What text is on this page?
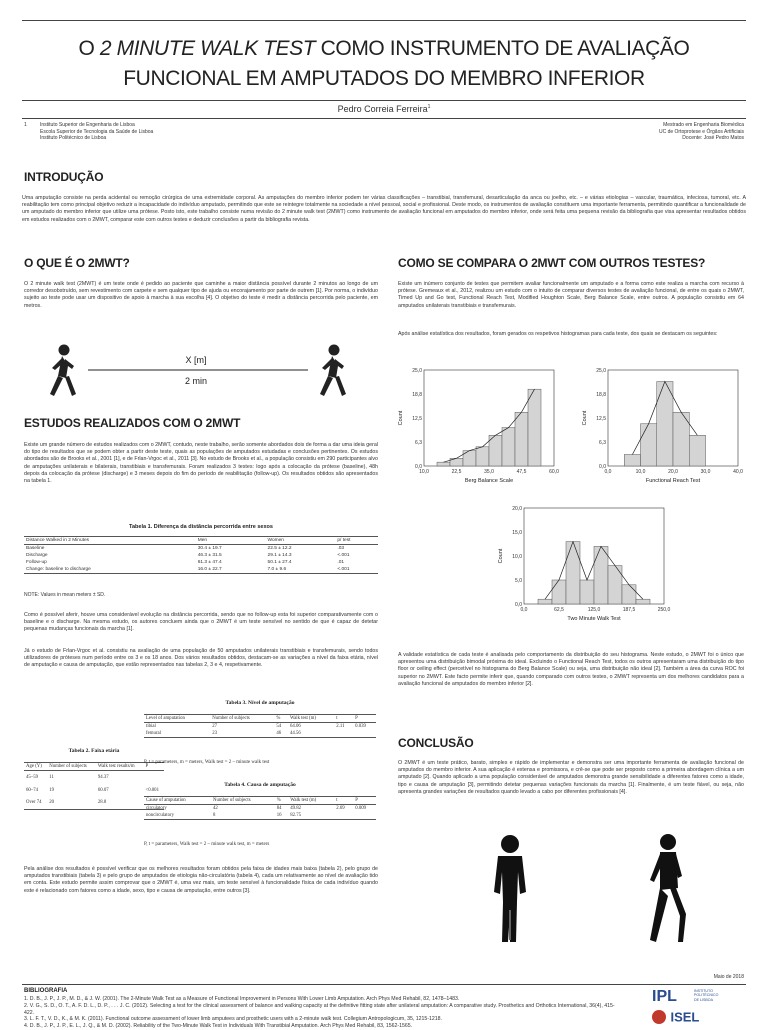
O 2 MINUTE WALK TEST COMO INSTRUMENTO DE AVALIAÇÃO
FUNCIONAL EM AMPUTADOS DO MEMBRO INFERIOR
Pedro Correia Ferreira$^1$
1	Instituto Superior de Engenharia de Lisboa
Escola Superior de Tecnologia da Saúde de Lisboa
Instituto Politécnico de Lisboa
Mestrado em Engenharia Biomédica
UC de Ortoprotese e Órgãos Artificiais
Docente: José Pedro Matos
INTRODUÇÃO
Uma amputação consiste na perda acidental ou remoção cirúrgica de uma extremidade corporal. As amputações do membro inferior podem ter várias classificações – transtibial, transfemural, desarticulação da anca ou joelho, etc. – e várias etiologias – vascular, traumática, infeciosa, tumoral, etc. A reabilitação tem como principal objetivo reduzir a incapacidade do indivíduo amputado, permitindo que este se reintegre totalmente na sociedade a nível pessoal, social e profissional. Deste modo, os instrumentos de avaliação constituem uma importante ferramenta, permitindo quantificar a funcionalidade de um amputado do membro inferior que utilize uma prótese. Posto isto, este trabalho consiste numa revisão do 2 minute walk test (2MWT) como instrumento de avaliação funcional em amputados do membro inferior, onde será feita uma pequena revisão da bibliografia que visa apresentar resultados obtidos em estudos realizados com o 2MWT, comparar este com outros testes e deduzir conclusões a partir da bibliografia revista.
O QUE É O 2MWT?
O 2 minute walk test (2MWT) é um teste onde é pedido ao paciente que caminhe a maior distância possível durante 2 minutos ao longo de um corredor desobstruído, sem revestimento com carpete e sem qualquer tipo de ajuda ou encorajamento por parte de outrem [1]. Por norma, o indivíduo sujeito ao teste pode usar um dispositivo de apoio à marcha à sua escolha [4]. O objetivo do teste é medir a distância percorrida pelo paciente, em metros.
X [m]
2 min
ESTUDOS REALIZADOS COM O 2MWT
Existe um grande número de estudos realizados com o 2MWT, contudo, neste trabalho, serão somente abordados dois de forma a dar uma ideia geral do tipo de resultados que se podem obter a partir deste teste, quais as populações de amputados estudadas e conclusões pertinentes. Os estudos abordados são de Brooks et al., 2001 [1], e de Frlan-Vrgoc et al., 2011 [3]. No estudo de Brooks et al., a população consistiu em 290 participantes alvo de amputações unilaterais e bilaterais, transtibiais e transfemurais. Foram realizados 3 testes: logo após a colocação da prótese (baseline), 48h depois da colocação da prótese (discharge) e 3 meses depois do fim do período de reabilitação (follow-up). Os resultados obtidos são apresentados na tabela 1.
Tabela 1. Diferença da distância percorrida entre sexos
Distance Walked in 2 Minutes	Men	Women	p/ test
Baseline	30.4 ± 19.7	22.5 ± 12.2	.03
Discharge	46.3 ± 31.5	29.1 ± 14.3	<.001
Follow-up	61.3 ± 47.4	50.1 ± 27.4	.01
Change: baseline to discharge	16.0 ± 22.7	7.0 ± 9.6	<.001
NOTE: Values in mean meters ± SD.
Como é possível aferir, houve uma considerável evolução na distância percorrida, sendo que no follow-up esta foi superior comparativamente com o baseline e o discharge. Na mesma estudo, os autores concluem ainda que o 2MWT é um teste sensível no sentido de que é capaz de detetar pequenas mudanças funcionais da marcha [1].
Já o estudo de Frlan-Vrgoc et al. consistiu na avaliação de uma população de 50 amputados unilaterais transtibiais e transfemurais, sendo todos utilizadores de próteses num período entre os 3 e os 18 anos. Dos vários resultados obtidos, destacam-se as variações a nível da faixa etária, nível de amputação e causa de amputação, que estão representados nas tabelas 2, 3 e 4, respetivamente.
Tabela 2. Faixa etária
Age (Y)	Number of subjects	Walk test results/m	P
45–59	11	94.37	
60–74	19	60.07	<0.001
Over 74	20	28.8	
Tabela 3. Nível de amputação
Level of amputation	Number of subjects	%	Walk test (m)	t	P
tibial	27	54	64.06	2.11	0.039
femural	23	46	44.56		
P, t = parameters, m = meters, Walk test = 2 – minute walk test
Tabela 4. Causa de amputação
Cause of amputation	Number of subjects	%	Walk test (m)	t	P
circulatory	42	84	49.82	2.69	0.009
noncirculatory	8	16	82.75		
P, t = parameters, Walk test = 2 – minute walk test, m = meters
Pela análise dos resultados é possível verificar que os melhores resultados foram obtidos pela faixa de idades mais baixa (tabela 2), pelo grupo de amputados transtibiais (tabela 3) e pelo grupo de amputados de etiologia não-circulatória (tabela 4), cada um relativamente ao nível de avaliação tido em conta. Este estudo permite assim comprovar que o 2MWT é, uma vez mais, um teste sensível à funcionalidade física de cada indivíduo quando este é relacionado com fatores como a idade, sexo, tipo e causa de amputação, entre outros [3].
COMO SE COMPARA O 2MWT COM OUTROS TESTES?
Existe um inúmero conjunto de testes que permitem avaliar funcionalmente um amputado e a forma como este realiza a marcha com recurso à prótese. Gremeaux et al., 2012, realizou um estudo com o intuito de comparar diversos testes de avaliação funcional, de entre os quais o 2MWT, Timed Up and Go test, Functional Reach Test, Modified Houghton Scale, Berg Balance Scale, entre outros. A população consistiu em 64 amputados unilaterais transtibiais e transfemurais.
Após análise estatística dos resultados, foram gerados os respetivos histogramas para cada teste, dos quais se destacam os seguintes:
10,0	22,5	35,0	47,5	60,0
0,0
6,3
12,5
18,8
25,0
Berg Balance Scale
Count
0,0	10,0	20,0	30,0	40,0
0,0
6,3
12,5
18,8
25,0
Functional Reach Test
Count
0,0	62,5	125,0	187,5	250,0
0,0
5,0
10,0
15,0
20,0
Two Minute Walk Test
Count
A validade estatística de cada teste é analisada pelo comportamento da distribuição do seu histograma. Neste estudo, o 2MWT foi o único que apresentou uma distribuição bimodal próxima do ideal. Excluindo o Functional Reach Test, todos os outros apresentaram uma distribuição do tipo floor or ceiling effect (percetível no histograma do Berg Balance Scale) ou seja, uma distribuição não ideal [2]. Também a área da curva ROC foi superior no 2MWT. Este facto permite inferir que, quando comparado com outros testes, o 2MWT representa um dos melhores candidatos para a avaliação funcional de amputados do membro inferior [2].
CONCLUSÃO
O 2MWT é um teste prático, barato, simples e rápido de implementar e demonstra ser uma importante ferramenta de avaliação funcional de amputados do membro inferior. A sua aplicação é extensa e promissora, e crê-se que pode ser proposto como a primeira abordagem clínica a um amputado [2]. Quando aplicado a uma população considerável de amputados demonstra grande sensibilidade a diferentes fatores como a idade, tipo e causa de amputação [3], permitindo detetar pequenas variações funcionais da marcha [1]. Finalmente, é um teste fiável, ou seja, não apresenta grandes variações de resultados quando levado a cabo por diferentes profissionais [4].
Maio de 2018
BIBLIOGRAFIA
1. D. B., J. P., J. P., M. D., & J. W. (2001). The 2-Minute Walk Test as a Measure of Functional Improvement in Persons With Lower Limb Amputation. Arch Phys Med Rehabil, 82, 1478–1483.
2. V. G., S. D., O. T., A. F. D. L., D. P., . . . J. C. (2012). Selecting a test for the clinical assessment of balance and walking capacity at the definitive fitting state after unilateral amputation: A comparative study. Prosthetics and Orthotics International, 36(4), 415-422.
3. L. F. T., V. D., K., & M. K. (2011). Functional outcome assessment of lower limb amputees and prosthetic users with a 2-minute walk test. Collegium Antropologicum, 35, 1215-1218.
4. D. B., J. P., J. P., E. L., J. Q., & M. D. (2002). Reliability of the Two-Minute Walk Test in Individuals With Transtibial Amputation. Arch Phys Med Rehabil, 83, 1562-1565.
IPL	INSTITUTO
POLITÉCNICO
DE LISBOA
ISEL
